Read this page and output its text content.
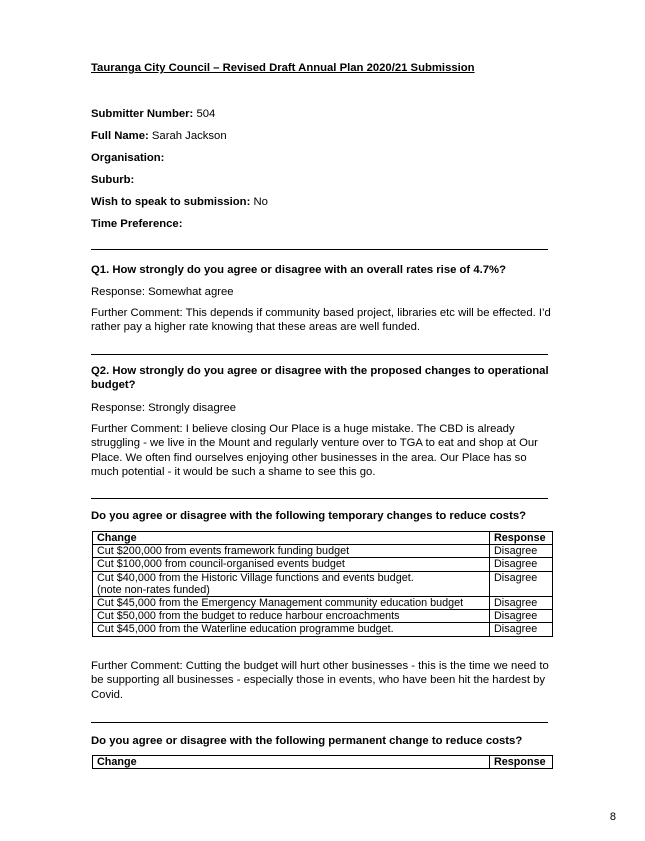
Tauranga City Council – Revised Draft Annual Plan 2020/21 Submission
Submitter Number: 504
Full Name: Sarah Jackson
Organisation:
Suburb:
Wish to speak to submission: No
Time Preference:
Q1. How strongly do you agree or disagree with an overall rates rise of 4.7%?
Response: Somewhat agree
Further Comment: This depends if community based project, libraries etc will be effected. I’d
rather pay a higher rate knowing that these areas are well funded.
Q2. How strongly do you agree or disagree with the proposed changes to operational
budget?
Response: Strongly disagree
Further Comment: I believe closing Our Place is a huge mistake. The CBD is already
struggling - we live in the Mount and regularly venture over to TGA to eat and shop at Our
Place. We often find ourselves enjoying other businesses in the area. Our Place has so
much potential - it would be such a shame to see this go.
Do you agree or disagree with the following temporary changes to reduce costs?
Change	Response
Cut $200,000 from events framework funding budget	Disagree
Cut $100,000 from council-organised events budget	Disagree

Cut $40,000 from the Historic Village functions and events budget.
(note non-rates funded)	Disagree
Cut $45,000 from the Emergency Management community education budget	Disagree
Cut $50,000 from the budget to reduce harbour encroachments	Disagree
Cut $45,000 from the Waterline education programme budget.	Disagree
Further Comment: Cutting the budget will hurt other businesses - this is the time we need to
be supporting all businesses - especially those in events, who have been hit the hardest by
Covid.
Do you agree or disagree with the following permanent change to reduce costs?
Change	Response
8
